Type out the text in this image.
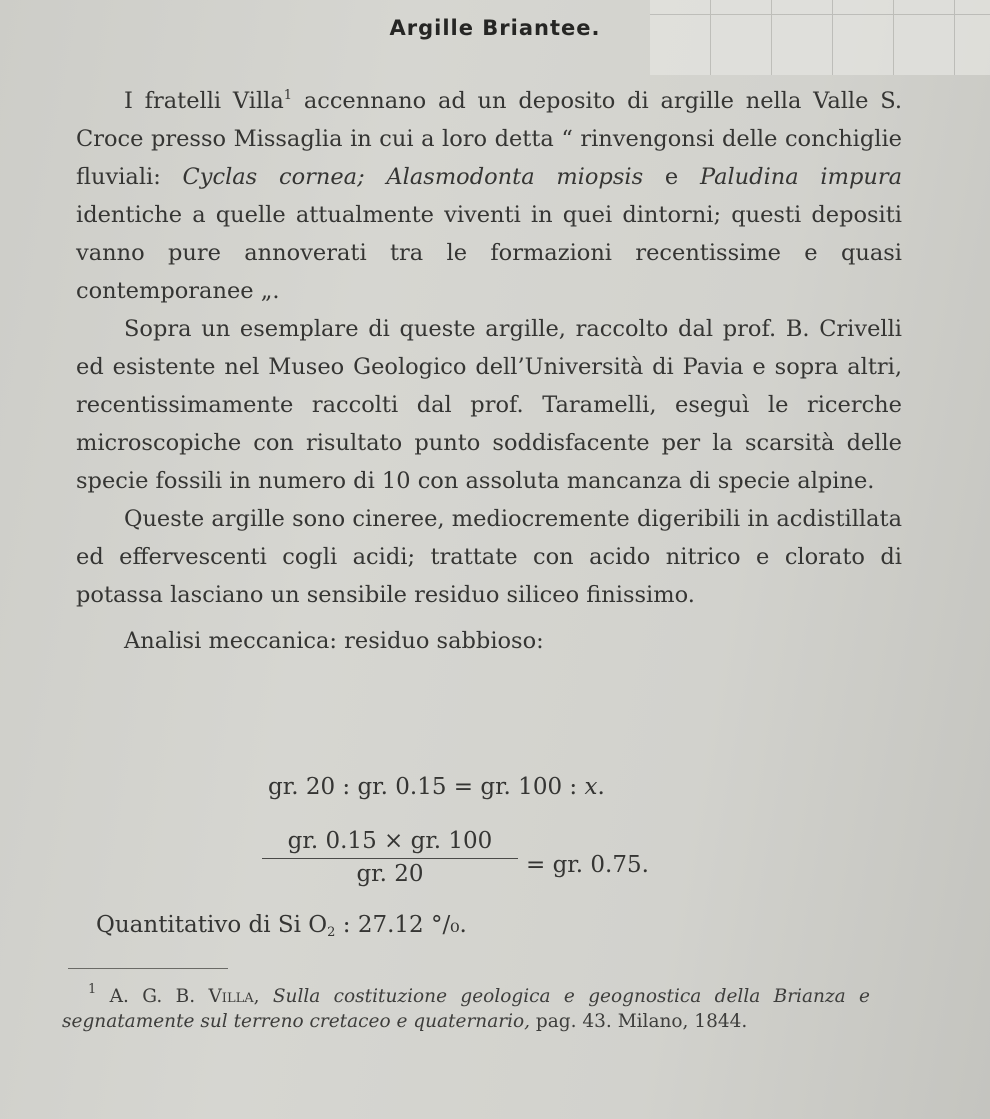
Argille Briantee.

I fratelli Villa$^1$ accennano ad un deposito di argille nella Valle S. Croce presso Missaglia in cui a loro detta “ rinvengonsi delle conchiglie fluviali: Cyclas cornea; Alasmodonta miopsis e Paludina impura identiche a quelle attualmente viventi in quei dintorni; questi depositi vanno pure annoverati tra le formazioni recentissime e quasi contemporanee „.

Sopra un esemplare di queste argille, raccolto dal prof. B. Crivelli ed esistente nel Museo Geologico dell’Università di Pavia e sopra altri, recentissimamente raccolti dal prof. Taramelli, eseguì le ricerche microscopiche con risultato punto soddisfacente per la scarsità delle specie fossili in numero di 10 con assoluta mancanza di specie alpine.

Queste argille sono cineree, mediocremente digeribili in acdistillata ed effervescenti cogli acidi; trattate con acido nitrico e clorato di potassa lasciano un sensibile residuo siliceo finissimo.

Analisi meccanica: residuo sabbioso:

gr. 20 : gr. 0.15 = gr. 100 : x.
$\frac{gr. 0.15 \times gr. 100}{gr. 20}$ = gr. 0.75.
Quantitativo di Si $O_2$ : 27.12 °/₀.
$^1$ A. G. B. Villa, Sulla costituzione geologica e geognostica della Brianza e segnatamente sul terreno cretaceo e quaternario, pag. 43. Milano, 1844.
